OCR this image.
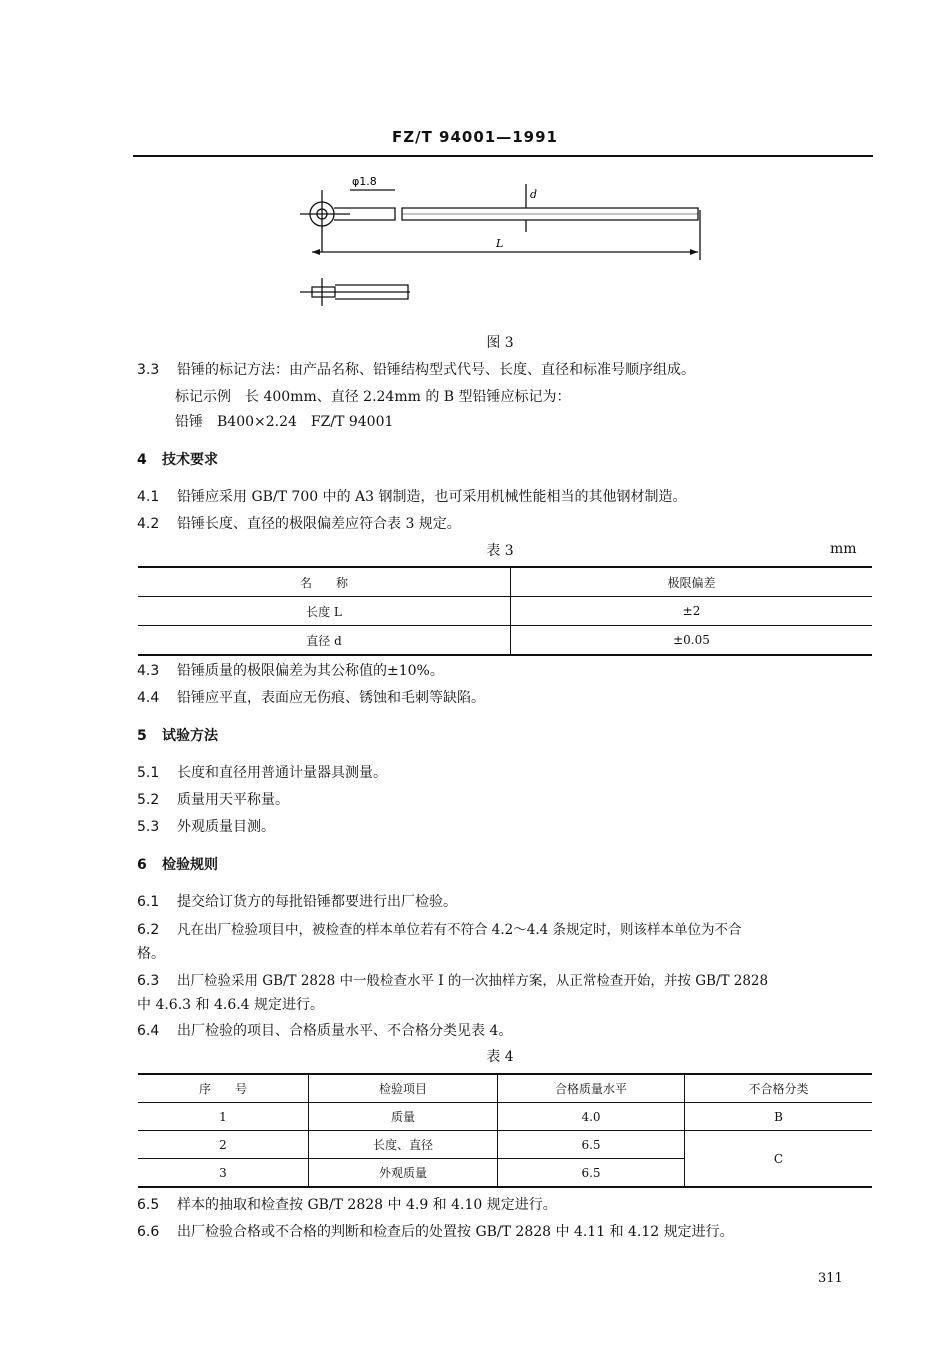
FZ/T 94001—1991
φ1.8
d
L
图 3
3.3 铅锤的标记方法：由产品名称、铅锤结构型式代号、长度、直径和标准号顺序组成。
标记示例　长 400mm、直径 2.24mm 的 B 型铅锤应标记为：
铅锤　B400×2.24　FZ/T 94001
4 技术要求
4.1 铅锤应采用 GB/T 700 中的 A3 钢制造，也可采用机械性能相当的其他钢材制造。
4.2 铅锤长度、直径的极限偏差应符合表 3 规定。
表 3	mm
名　　称	极限偏差
长度 L	±2
直径 d	±0.05
4.3 铅锤质量的极限偏差为其公称值的±10%。
4.4 铅锤应平直，表面应无伤痕、锈蚀和毛刺等缺陷。
5 试验方法
5.1 长度和直径用普通计量器具测量。
5.2 质量用天平称量。
5.3 外观质量目测。
6 检验规则
6.1 提交给订货方的每批铅锤都要进行出厂检验。
6.2 凡在出厂检验项目中，被检查的样本单位若有不符合 4.2～4.4 条规定时，则该样本单位为不合
格。
6.3 出厂检验采用 GB/T 2828 中一般检查水平 I 的一次抽样方案，从正常检查开始，并按 GB/T 2828
中 4.6.3 和 4.6.4 规定进行。
6.4 出厂检验的项目、合格质量水平、不合格分类见表 4。
表 4
序　　号	检验项目	合格质量水平	不合格分类
1	质量	4.0	B
2	长度、直径	6.5	C
3	外观质量	6.5	
6.5 样本的抽取和检查按 GB/T 2828 中 4.9 和 4.10 规定进行。
6.6 出厂检验合格或不合格的判断和检查后的处置按 GB/T 2828 中 4.11 和 4.12 规定进行。
311
